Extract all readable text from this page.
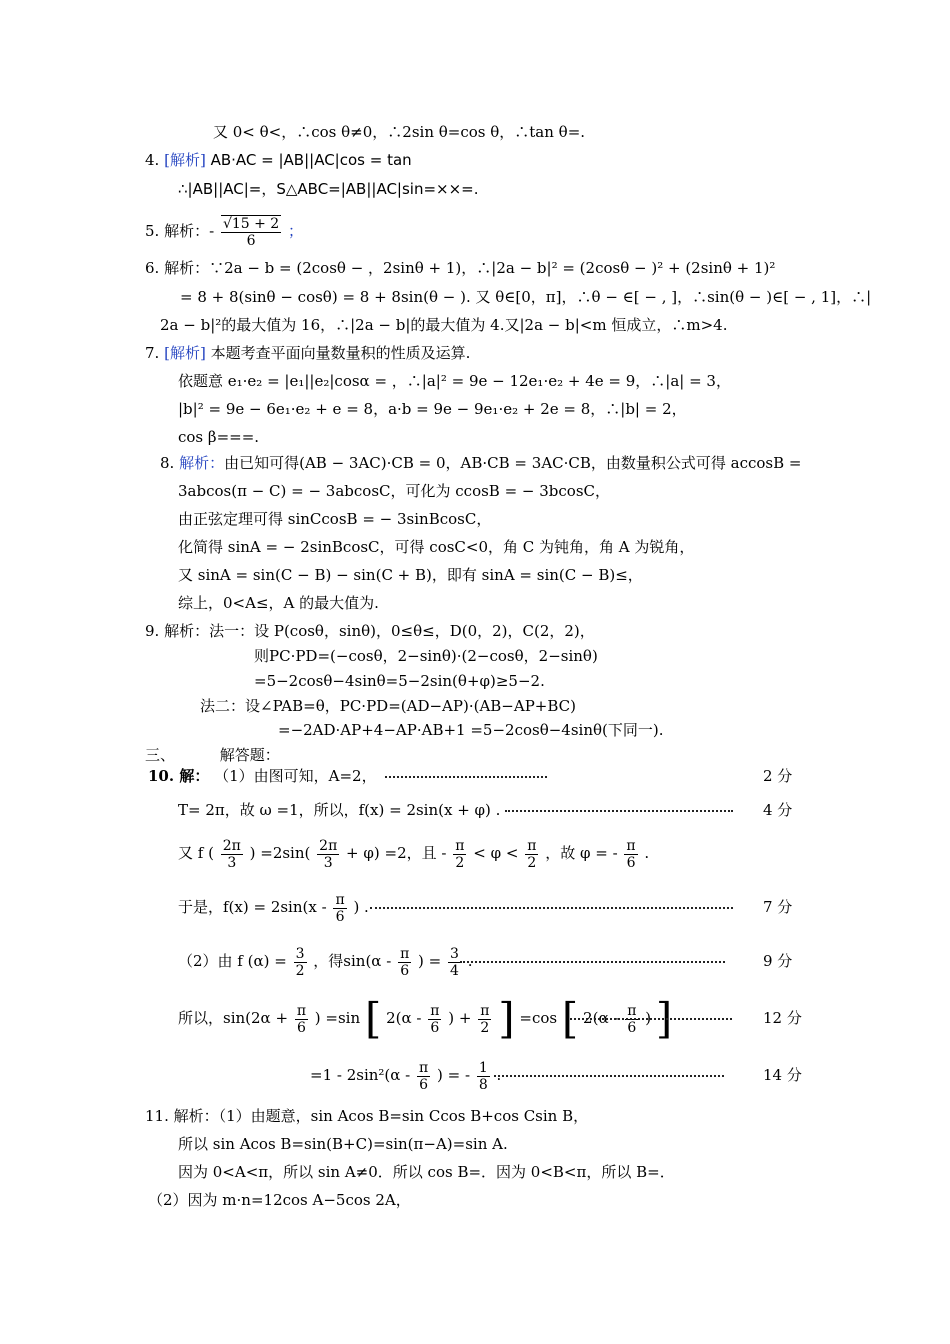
又 0< θ<，∴cos θ≠0，∴2sin θ=cos θ，∴tan θ=.
4. [解析] AB·AC = |AB||AC|cos = tan
∴|AB||AC|=，S△ABC=|AB||AC|sin=××=.
5. 解析：- $\frac{√15 + 2}{6}$ ；
6. 解析：∵2a − b = (2cosθ − ，2sinθ + 1)，∴|2a − b|² = (2cosθ − )² + (2sinθ + 1)²
= 8 + 8(sinθ − cosθ) = 8 + 8sin(θ − ). 又 θ∈[0，π]，∴θ − ∈[ − , ]，∴sin(θ − )∈[ − , 1]，∴|
2a − b|²的最大值为 16，∴|2a − b|的最大值为 4.又|2a − b|<m 恒成立，∴m>4.
7. [解析] 本题考查平面向量数量积的性质及运算.
依题意 e₁·e₂ = |e₁||e₂|cosα = ，∴|a|² = 9e − 12e₁·e₂ + 4e = 9，∴|a| = 3，
|b|² = 9e − 6e₁·e₂ + e = 8，a·b = 9e − 9e₁·e₂ + 2e = 8，∴|b| = 2，
cos β===.
8. 解析：由已知可得(AB − 3AC)·CB = 0，AB·CB = 3AC·CB，由数量积公式可得 accosB =
3abcos(π − C) = − 3abcosC，可化为 ccosB = − 3bcosC，
由正弦定理可得 sinCcosB = − 3sinBcosC，
化简得 sinA = − 2sinBcosC，可得 cosC<0，角 C 为钝角，角 A 为锐角，
又 sinA = sin(C − B) − sin(C + B)，即有 sinA = sin(C − B)≤，
综上，0<A≤，A 的最大值为.
9. 解析：法一：设 P(cosθ，sinθ)，0≤θ≤，D(0，2)，C(2，2)，
则PC·PD=(−cosθ，2−sinθ)·(2−cosθ，2−sinθ)
=5−2cosθ−4sinθ=5−2sin(θ+φ)≥5−2.
法二：设∠PAB=θ，PC·PD=(AD−AP)·(AB−AP+BC)
=−2AD·AP+4−AP·AB+1 =5−2cosθ−4sinθ(下同一).
三、	解答题：
10. 解： （1）由图可知，A=2，	2 分
T= 2π，故 ω =1，所以，f(x) = 2sin(x + φ) .	4 分
又 f ( $\frac{2\pi}{3}$ ) $=2\sin( \frac{2\pi}{3} + \varphi) =2$，且 - $\frac{\pi}{2} < \varphi < \frac{\pi}{2}$ ，故 φ = - $\frac{\pi}{6}$ .
于是，$f(x) = 2\sin(x - \frac{\pi}{6}$ ) .	7 分
（2）由 f $(\alpha) = \frac{3}{2}$ ，得$\sin(\alpha - \frac{\pi}{6}$ ) = $\frac{3}{4}$ .	9 分
所以，$\sin(2\alpha + \frac{\pi}{6}$ ) =sin [ $2(\alpha - \frac{\pi}{6}$ ) + $\frac{\pi}{2}$ ] =cos [ $2(\alpha - \frac{\pi}{6}$ ) ]	12 分
$=1 - 2\sin^2(\alpha - \frac{\pi}{6}$ ) = - $\frac{1}{8}$ .	14 分
11. 解析：（1）由题意，sin Acos B=sin Ccos B+cos Csin B，
所以 sin Acos B=sin(B+C)=sin(π−A)=sin A.
因为 0<A<π，所以 sin A≠0．所以 cos B=．因为 0<B<π，所以 B=．
（2）因为 m·n=12cos A−5cos 2A，
